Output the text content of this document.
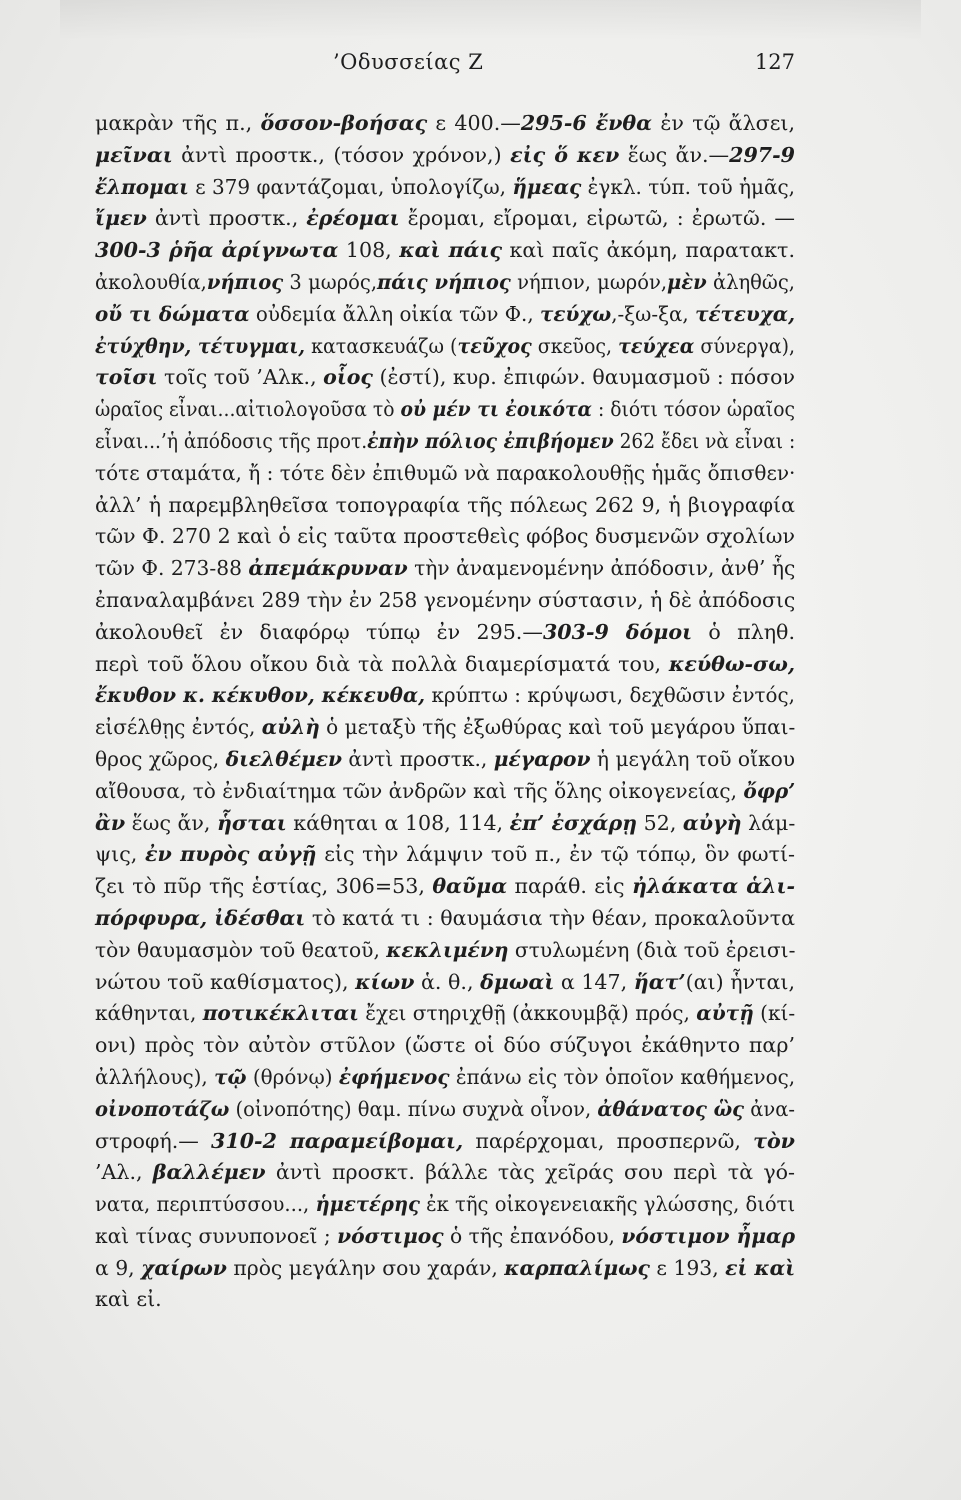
’Οδυσσείας Ζ	127
μακρὰν τῆς π., ὅσσον-βοήσας ε 400.—295-6 ἔνθα ἐν τῷ ἄλσει,
μεῖναι ἀντὶ προστκ., (τόσον χρόνον,) εἰς ὅ κεν ἕως ἄν.—297-9
ἔλπομαι ε 379 φαντάζομαι, ὑπολογίζω, ἥμεας ἐγκλ. τύπ. τοῦ ἡμᾶς,
ἴμεν ἀντὶ προστκ., ἐρέομαι ἔρομαι, εἴρομαι, εἰρωτῶ, : ἐρωτῶ. —
300-3 ῥῆα ἀρίγνωτα 108, καὶ πάις καὶ παῖς ἀκόμη, παρατακτ.
ἀκολουθία,νήπιος 3 μωρός,πάις νήπιος νήπιον, μωρόν,μὲν ἀληθῶς,
οὔ τι δώματα οὐδεμία ἄλλη οἰκία τῶν Φ., τεύχω,-ξω-ξα, τέτευχα,
ἐτύχθην, τέτυγμαι, κατασκευάζω (τεῦχος σκεῦος, τεύχεα σύνεργα),
τοῖσι τοῖς τοῦ ’Αλκ., οἷος (ἐστί), κυρ. ἐπιφών. θαυμασμοῦ : πόσον
ὡραῖος εἶναι...αἰτιολογοῦσα τὸ οὐ μέν τι ἐοικότα : διότι τόσον ὡραῖος
εἶναι...’ἡ ἀπόδοσις τῆς προτ.ἐπὴν πόλιος ἐπιβήομεν 262 ἔδει νὰ εἶναι :
τότε σταμάτα, ἤ : τότε δὲν ἐπιθυμῶ νὰ παρακολουθῇς ἡμᾶς ὄπισθεν·
ἀλλ’ ἡ παρεμβληθεῖσα τοπογραφία τῆς πόλεως 262 9, ἡ βιογραφία
τῶν Φ. 270 2 καὶ ὁ εἰς ταῦτα προστεθεὶς φόβος δυσμενῶν σχολίων
τῶν Φ. 273-88 ἀπεμάκρυναν τὴν ἀναμενομένην ἀπόδοσιν, ἀνθ’ ἧς
ἐπαναλαμβάνει 289 τὴν ἐν 258 γενομένην σύστασιν, ἡ δὲ ἀπόδοσις
ἀκολουθεῖ ἐν διαφόρῳ τύπῳ ἐν 295.—303-9 δόμοι ὁ πληθ.
περὶ τοῦ ὅλου οἴκου διὰ τὰ πολλὰ διαμερίσματά του, κεύθω-σω,
ἔκυθον κ. κέκυθον, κέκευθα, κρύπτω : κρύψωσι, δεχθῶσιν ἐντός,
εἰσέλθῃς ἐντός, αὐλὴ ὁ μεταξὺ τῆς ἐξωθύρας καὶ τοῦ μεγάρου ὕπαι-
θρος χῶρος, διελθέμεν ἀντὶ προστκ., μέγαρον ἡ μεγάλη τοῦ οἴκου
αἴθουσα, τὸ ἐνδιαίτημα τῶν ἀνδρῶν καὶ τῆς ὅλης οἰκογενείας, ὄφρ’
ἂν ἕως ἄν, ἧσται κάθηται α 108, 114, ἐπ’ ἐσχάρῃ 52, αὐγὴ λάμ-
ψις, ἐν πυρὸς αὐγῇ εἰς τὴν λάμψιν τοῦ π., ἐν τῷ τόπῳ, ὃν φωτί-
ζει τὸ πῦρ τῆς ἑστίας, 306=53, θαῦμα παράθ. εἰς ἠλάκατα ἁλι-
πόρφυρα, ἰδέσθαι τὸ κατά τι : θαυμάσια τὴν θέαν, προκαλοῦντα
τὸν θαυμασμὸν τοῦ θεατοῦ, κεκλιμένη στυλωμένη (διὰ τοῦ ἐρεισι-
νώτου τοῦ καθίσματος), κίων ἁ. θ., δμωαὶ α 147, ἥατ’(αι) ἧνται,
κάθηνται, ποτικέκλιται ἔχει στηριχθῇ (ἀκκουμβᾷ) πρός, αὐτῇ (κί-
ονι) πρὸς τὸν αὐτὸν στῦλον (ὥστε οἱ δύο σύζυγοι ἐκάθηντο παρ’
ἀλλήλους), τῷ (θρόνῳ) ἐφήμενος ἐπάνω εἰς τὸν ὁποῖον καθήμενος,
οἰνοποτάζω (οἰνοπότης) θαμ. πίνω συχνὰ οἶνον, ἀθάνατος ὣς ἀνα-
στροφή.— 310-2 παραμείβομαι, παρέρχομαι, προσπερνῶ, τὸν
’Αλ., βαλλέμεν ἀντὶ προσκτ. βάλλε τὰς χεῖράς σου περὶ τὰ γό-
νατα, περιπτύσσου..., ἡμετέρης ἐκ τῆς οἰκογενειακῆς γλώσσης, διότι
καὶ τίνας συνυπονοεῖ ; νόστιμος ὁ τῆς ἐπανόδου, νόστιμον ἦμαρ
α 9, χαίρων πρὸς μεγάλην σου χαράν, καρπαλίμως ε 193, εἰ καὶ
καὶ εἰ.
